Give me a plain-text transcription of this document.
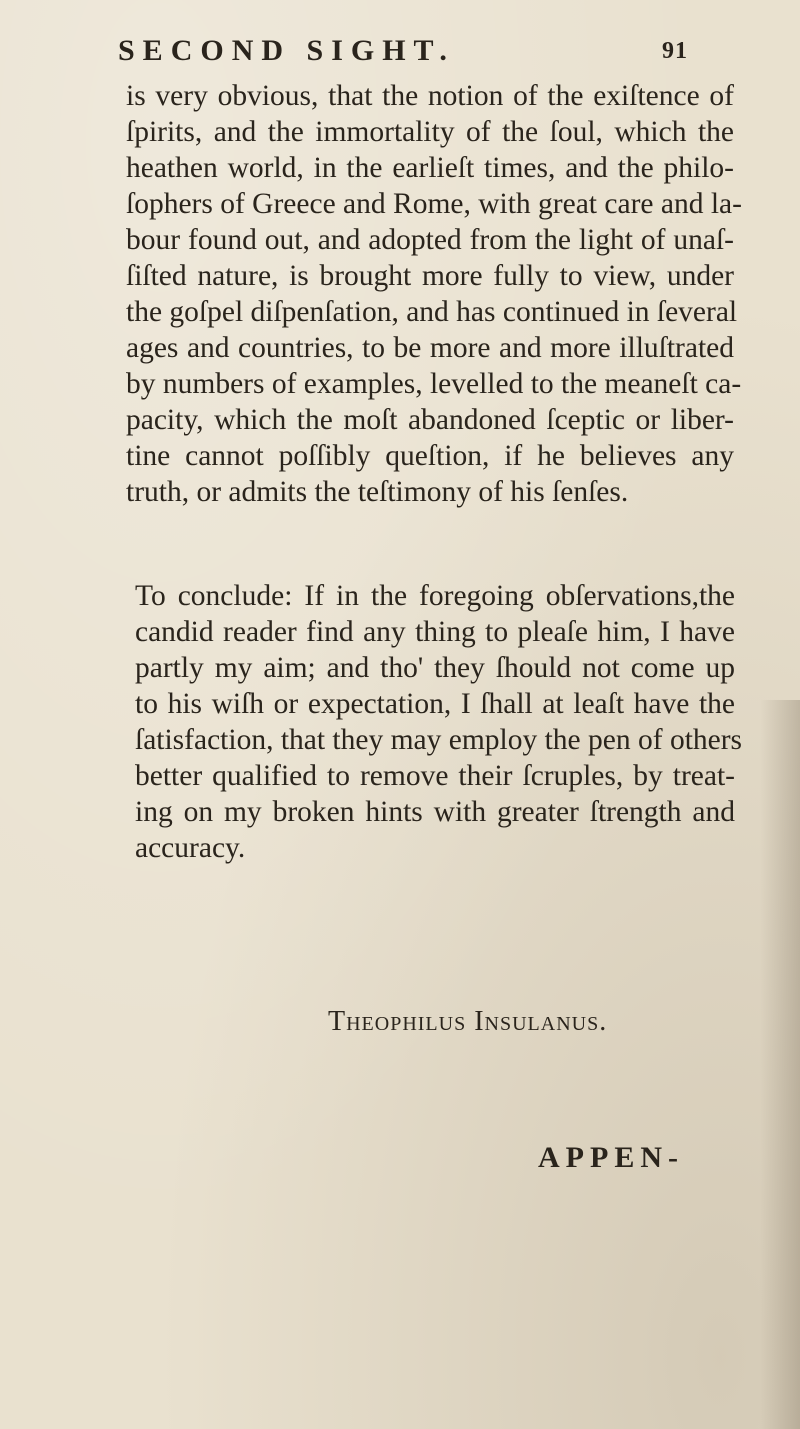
SECOND SIGHT.	91
is very obvious, that the notion of the exiſtence of
ſpirits, and the immortality of the ſoul, which the
heathen world, in the earlieſt times, and the philo-
ſophers of Greece and Rome, with great care and la-
bour found out, and adopted from the light of unaſ-
ſiſted nature, is brought more fully to view, under
the goſpel diſpenſation, and has continued in ſeveral
ages and countries, to be more and more illuſtrated
by numbers of examples, levelled to the meaneſt ca-
pacity, which the moſt abandoned ſceptic or liber-
tine cannot poſſibly queſtion, if he believes any
truth, or admits the teſtimony of his ſenſes.
To conclude: If in the foregoing obſervations,the
candid reader find any thing to pleaſe him, I have
partly my aim; and tho' they ſhould not come up
to his wiſh or expectation, I ſhall at leaſt have the
ſatisfaction, that they may employ the pen of others
better qualified to remove their ſcruples, by treat-
ing on my broken hints with greater ſtrength and
accuracy.
Theophilus Insulanus.
APPEN-
